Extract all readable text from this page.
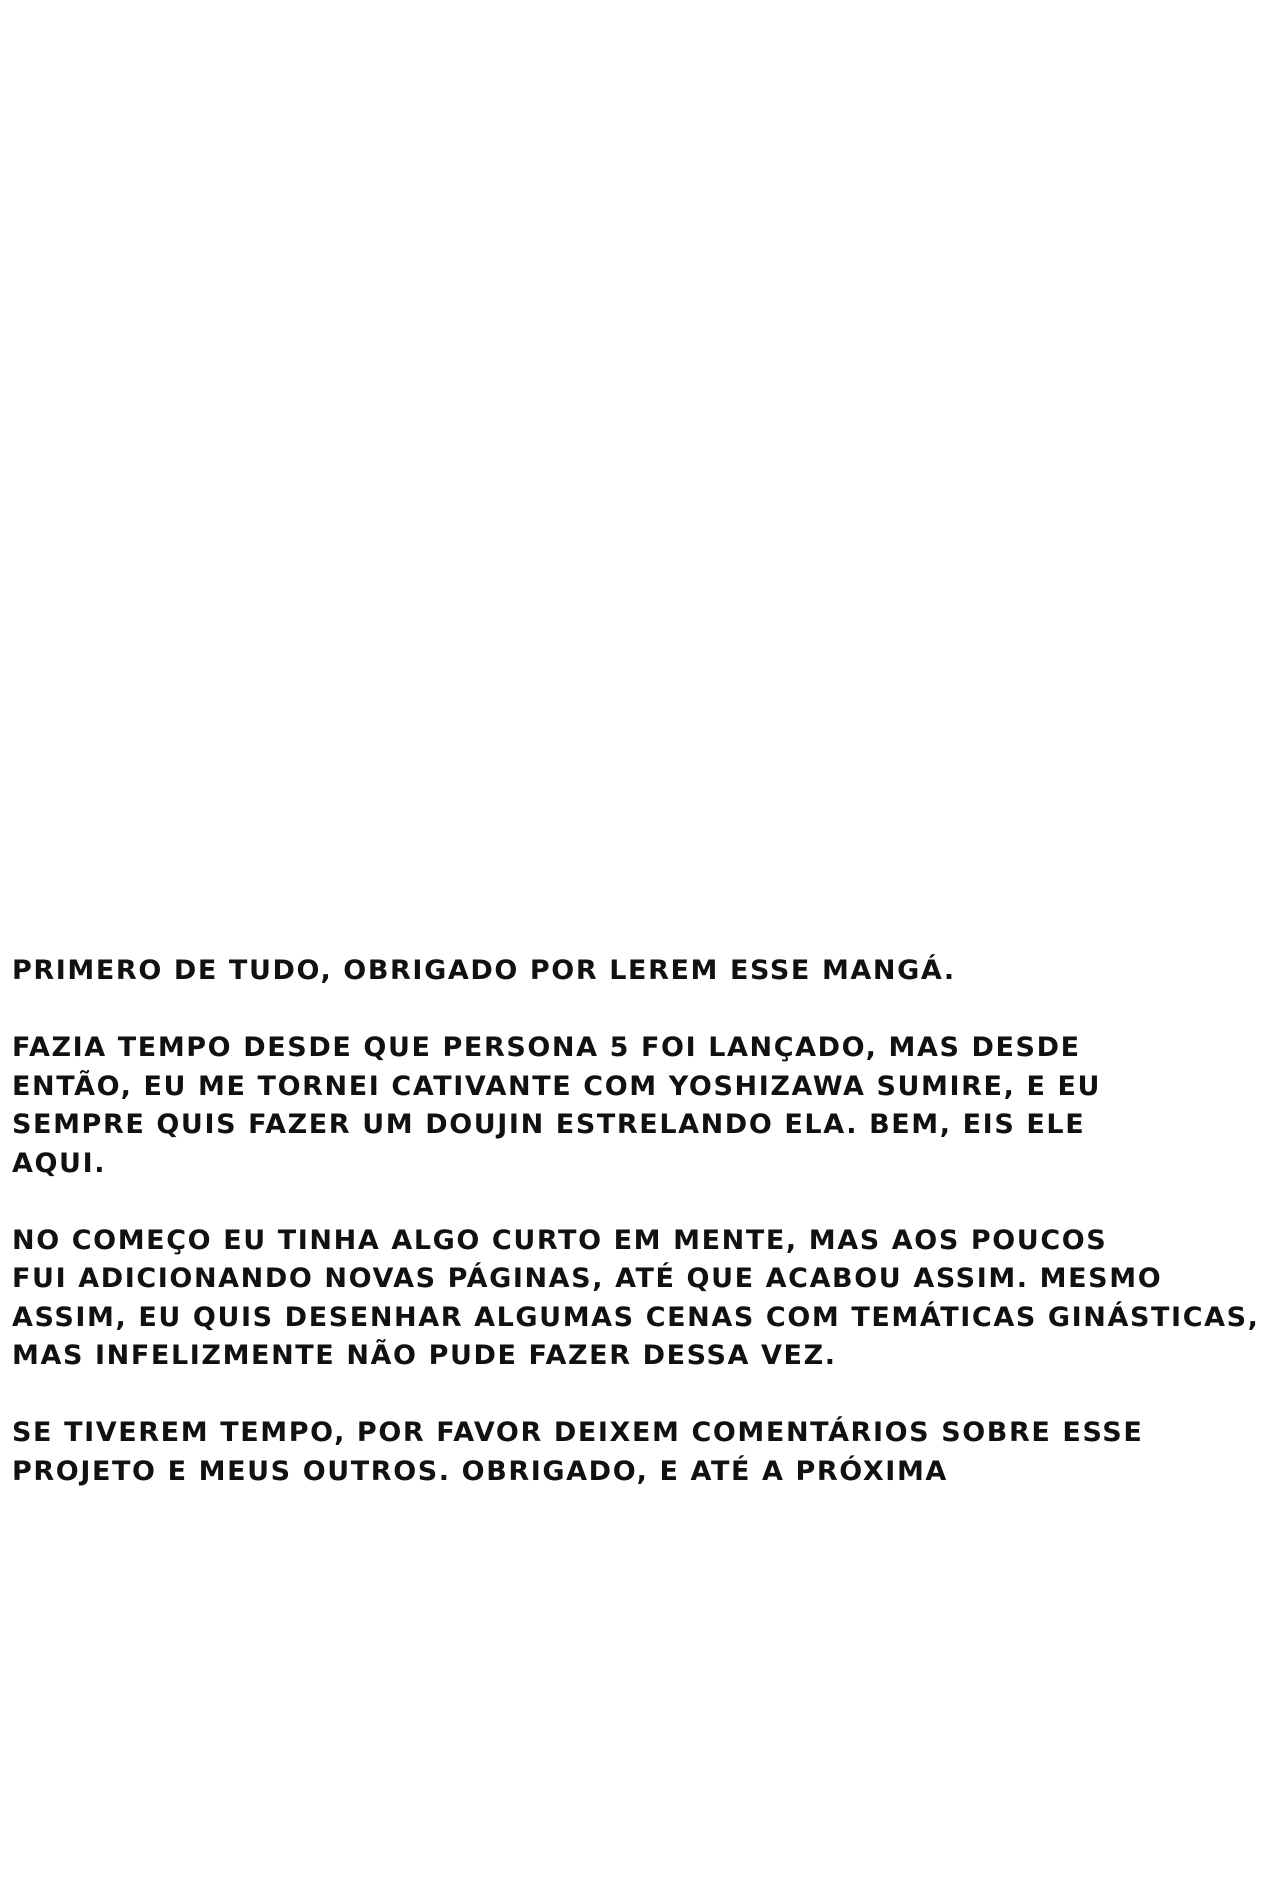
PRIMERO DE TUDO, OBRIGADO POR LEREM ESSE MANGÁ.

FAZIA TEMPO DESDE QUE PERSONA 5 FOI LANÇADO, MAS DESDE
ENTÃO, EU ME TORNEI CATIVANTE COM YOSHIZAWA SUMIRE, E EU
SEMPRE QUIS FAZER UM DOUJIN ESTRELANDO ELA. BEM, EIS ELE
AQUI.

NO COMEÇO EU TINHA ALGO CURTO EM MENTE, MAS AOS POUCOS
FUI ADICIONANDO NOVAS PÁGINAS, ATÉ QUE ACABOU ASSIM. MESMO
ASSIM, EU QUIS DESENHAR ALGUMAS CENAS COM TEMÁTICAS GINÁSTICAS,
MAS INFELIZMENTE NÃO PUDE FAZER DESSA VEZ.

SE TIVEREM TEMPO, POR FAVOR DEIXEM COMENTÁRIOS SOBRE ESSE
PROJETO E MEUS OUTROS. OBRIGADO, E ATÉ A PRÓXIMA
